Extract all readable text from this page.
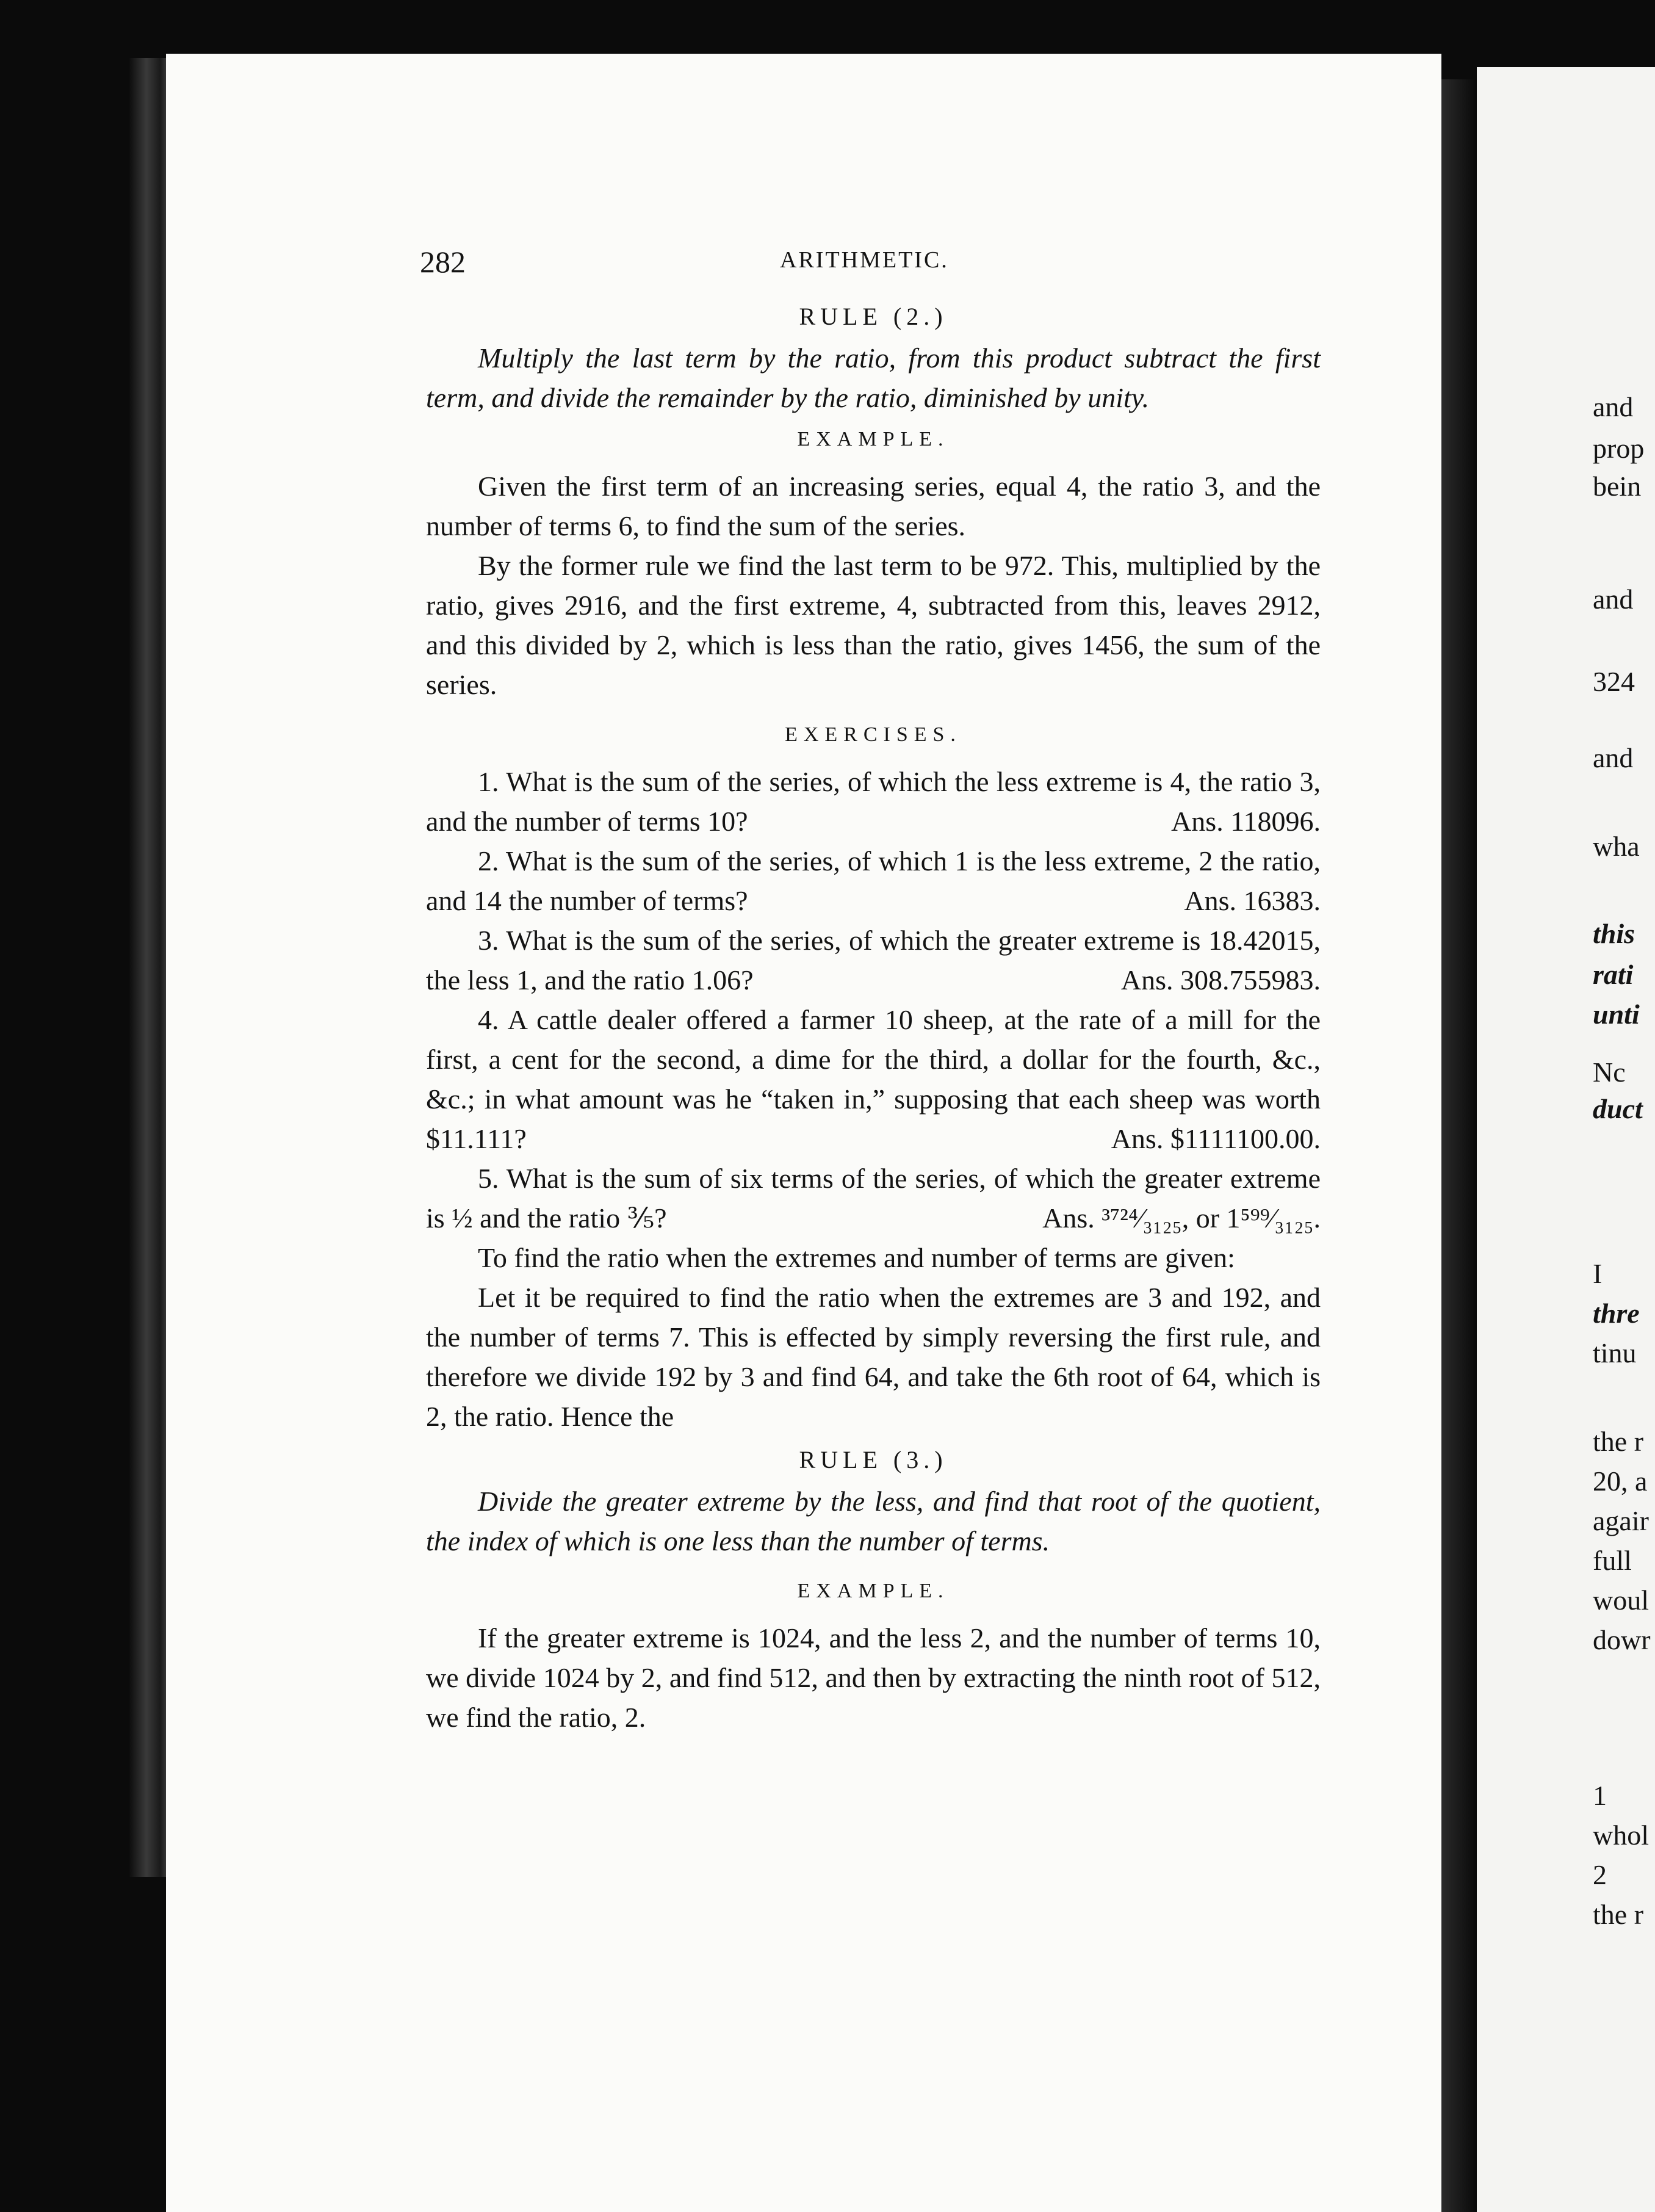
and
prop
bein
and
324
and
wha
this
rati
unti
Nc
duct
I
thre
tinu
the r
20, a
agair
full
woul
dowr
1
whol
2
the r
282	ARITHMETIC.
RULE (2.)

Multiply the last term by the ratio, from this product subtract the first term, and divide the remainder by the ratio, diminished by unity.

EXAMPLE.

Given the first term of an increasing series, equal 4, the ratio 3, and the number of terms 6, to find the sum of the series.

By the former rule we find the last term to be 972. This, multiplied by the ratio, gives 2916, and the first extreme, 4, subtracted from this, leaves 2912, and this divided by 2, which is less than the ratio, gives 1456, the sum of the series.

EXERCISES.

1. What is the sum of the series, of which the less extreme is 4, the ratio 3, and the number of terms 10?	Ans. 118096.

2. What is the sum of the series, of which 1 is the less extreme, 2 the ratio, and 14 the number of terms?	Ans. 16383.

3. What is the sum of the series, of which the greater extreme is 18.42015, the less 1, and the ratio 1.06?	Ans. 308.755983.

4. A cattle dealer offered a farmer 10 sheep, at the rate of a mill for the first, a cent for the second, a dime for the third, a dollar for the fourth, &c., &c.; in what amount was he “taken in,” supposing that each sheep was worth $11.111?	Ans. $1111100.00.

5. What is the sum of six terms of the series, of which the greater extreme is ½ and the ratio ⅗?	Ans. ³⁷²⁴⁄₃₁₂₅, or 1⁵⁹⁹⁄₃₁₂₅.

To find the ratio when the extremes and number of terms are given:

Let it be required to find the ratio when the extremes are 3 and 192, and the number of terms 7. This is effected by simply reversing the first rule, and therefore we divide 192 by 3 and find 64, and take the 6th root of 64, which is 2, the ratio. Hence the

RULE (3.)

Divide the greater extreme by the less, and find that root of the quotient, the index of which is one less than the number of terms.

EXAMPLE.

If the greater extreme is 1024, and the less 2, and the number of terms 10, we divide 1024 by 2, and find 512, and then by extracting the ninth root of 512, we find the ratio, 2.
